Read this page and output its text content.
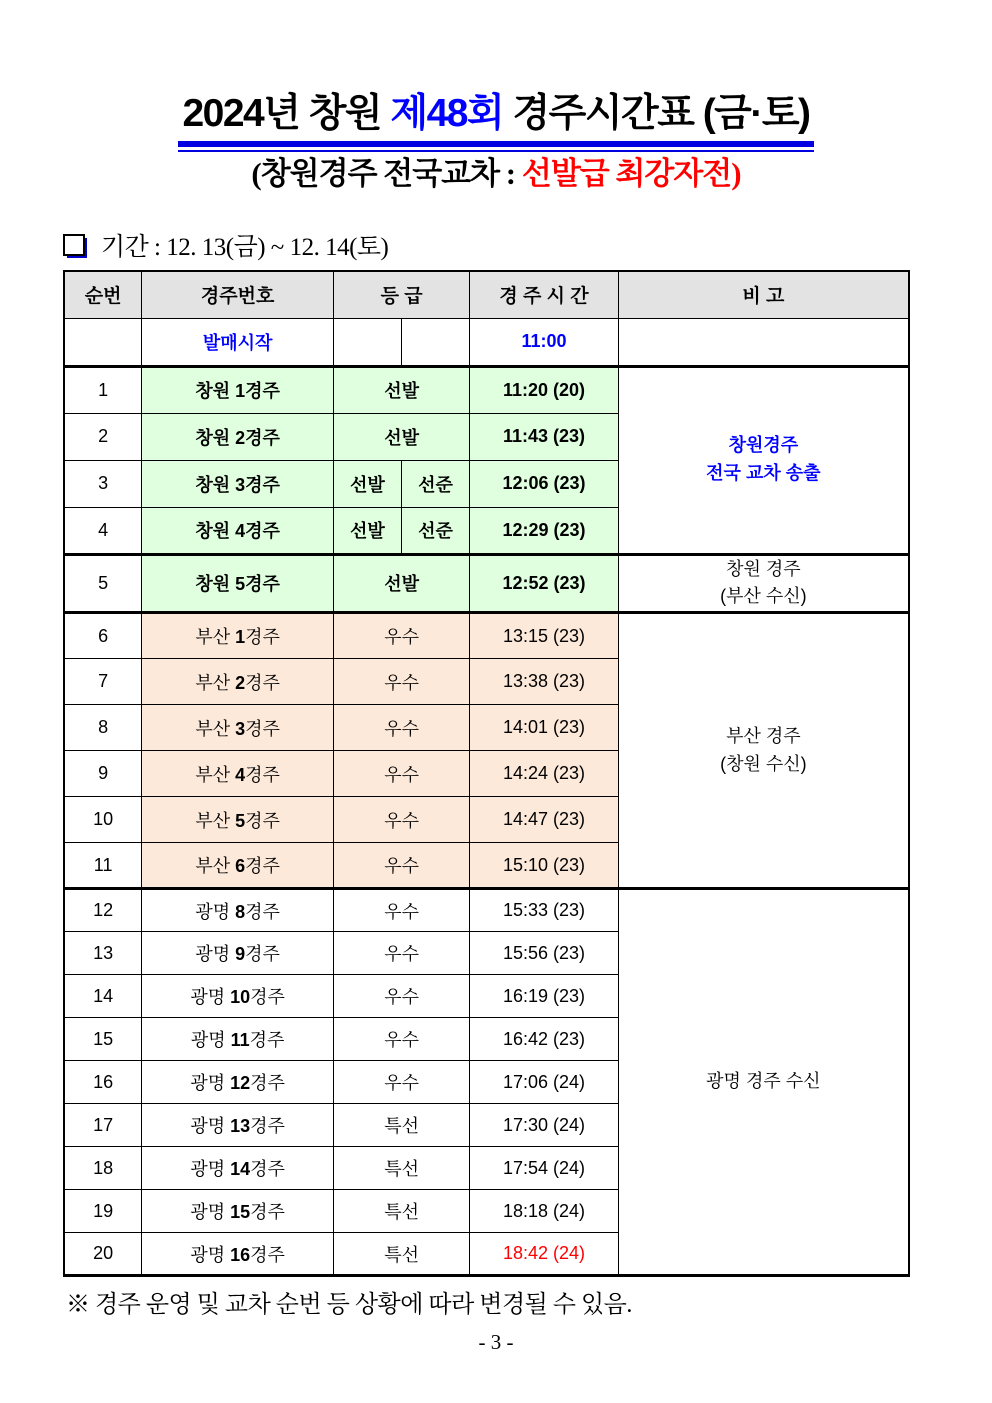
2024년 창원 제48회 경주시간표 (금·토)
(창원경주 전국교차 : 선발급 최강자전)
기간 : 12. 13(금) ~ 12. 14(토)
순번	경주번호	등 급		경 주 시 간	비 고
	발매시작			11:00	
1	창원 1경주	선발		11:20 (20)	창원경주
전국 교차 송출

2	창원 2경주	선발		11:43 (23)	
3	창원 3경주	선발	선준	12:06 (23)	
4	창원 4경주	선발	선준	12:29 (23)	
5	창원 5경주	선발		12:52 (23)	창원 경주
(부산 수신)

6	부산 1경주	우수		13:15 (23)	부산 경주
(창원 수신)

7	부산 2경주	우수		13:38 (23)	
8	부산 3경주	우수		14:01 (23)	
9	부산 4경주	우수		14:24 (23)	
10	부산 5경주	우수		14:47 (23)	
11	부산 6경주	우수		15:10 (23)	
12	광명 8경주	우수		15:33 (23)	광명 경주 수신

13	광명 9경주	우수		15:56 (23)	
14	광명 10경주	우수		16:19 (23)	
15	광명 11경주	우수		16:42 (23)	
16	광명 12경주	우수		17:06 (24)	
17	광명 13경주	특선		17:30 (24)	
18	광명 14경주	특선		17:54 (24)	
19	광명 15경주	특선		18:18 (24)	
20	광명 16경주	특선		18:42 (24)	
※ 경주 운영 및 교차 순번 등 상황에 따라 변경될 수 있음.
- 3 -
